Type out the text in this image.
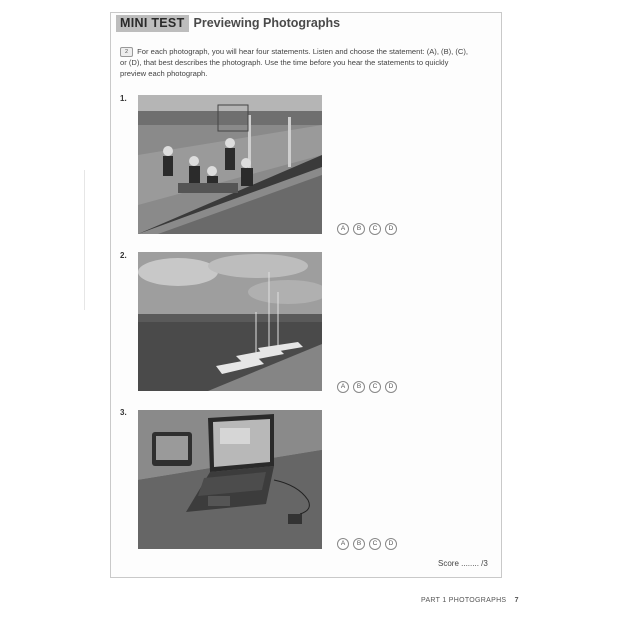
MINI TEST Previewing Photographs
2 For each photograph, you will hear four statements. Listen and choose the statement: (A), (B), (C), or (D), that best describes the photograph. Use the time before you hear the statements to quickly preview each photograph.
1.
A	B	C	D
2.
A	B	C	D
3.
A	B	C	D
Score ........ /3
PART 1 PHOTOGRAPHS 7
